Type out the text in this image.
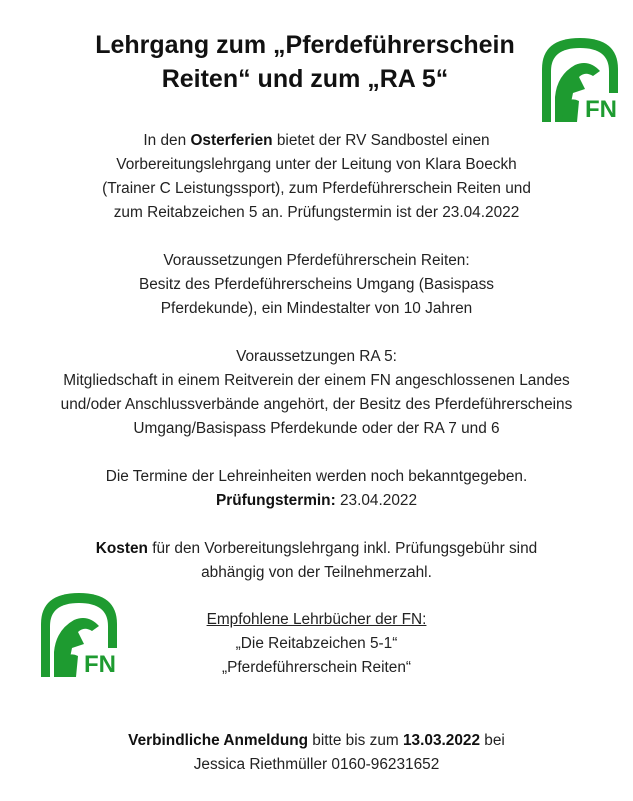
Lehrgang zum „Pferdeführerschein
Reiten“ und zum „RA 5“
FN
In den Osterferien bietet der RV Sandbostel einen
Vorbereitungslehrgang unter der Leitung von Klara Boeckh
(Trainer C Leistungssport), zum Pferdeführerschein Reiten und
zum Reitabzeichen 5 an. Prüfungstermin ist der 23.04.2022
Voraussetzungen Pferdeführerschein Reiten:
Besitz des Pferdeführerscheins Umgang (Basispass
Pferdekunde), ein Mindestalter von 10 Jahren
Voraussetzungen RA 5:
Mitgliedschaft in einem Reitverein der einem FN angeschlossenen Landes
und/oder Anschlussverbände angehört, der Besitz des Pferdeführerscheins
Umgang/Basispass Pferdekunde oder der RA 7 und 6
Die Termine der Lehreinheiten werden noch bekanntgegeben.
Prüfungstermin: 23.04.2022
Kosten für den Vorbereitungslehrgang inkl. Prüfungsgebühr sind
abhängig von der Teilnehmerzahl.
FN
Empfohlene Lehrbücher der FN:
„Die Reitabzeichen 5-1“
„Pferdeführerschein Reiten“
Verbindliche Anmeldung bitte bis zum 13.03.2022 bei
Jessica Riethmüller 0160-96231652
